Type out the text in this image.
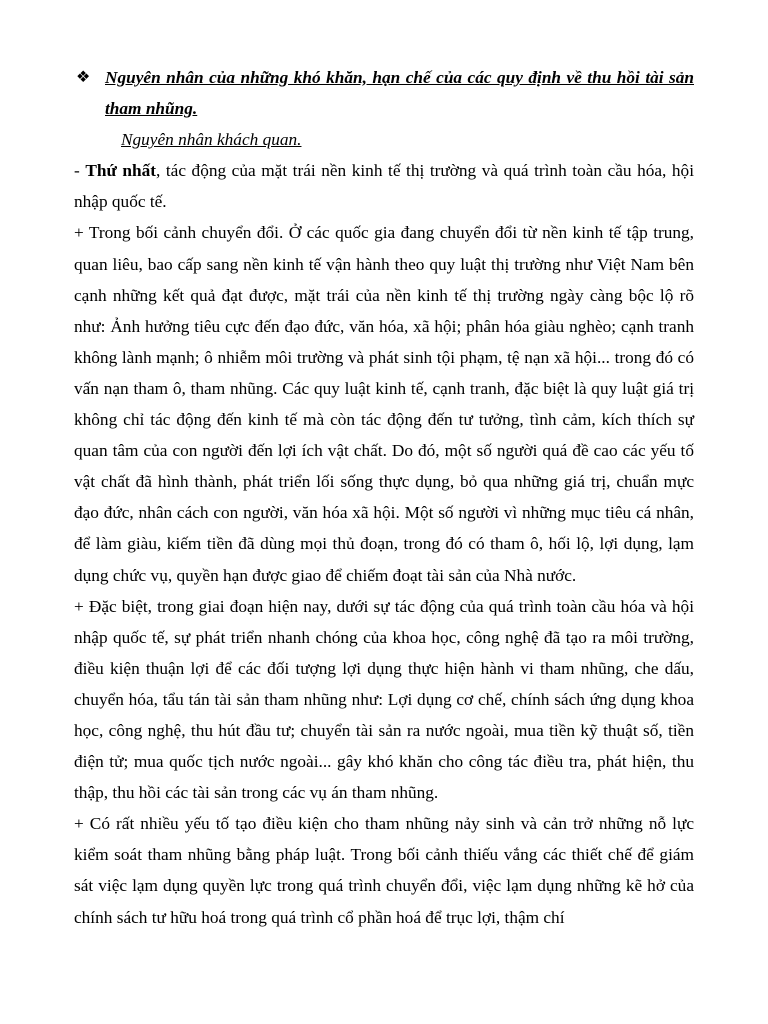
❖ Nguyên nhân của những khó khăn, hạn chế của các quy định về thu hồi tài sản tham nhũng.
Nguyên nhân khách quan.

- Thứ nhất, tác động của mặt trái nền kinh tế thị trường và quá trình toàn cầu hóa, hội nhập quốc tế.

+ Trong bối cảnh chuyển đổi. Ở các quốc gia đang chuyển đổi từ nền kinh tế tập trung, quan liêu, bao cấp sang nền kinh tế vận hành theo quy luật thị trường như Việt Nam bên cạnh những kết quả đạt được, mặt trái của nền kinh tế thị trường ngày càng bộc lộ rõ như: Ảnh hưởng tiêu cực đến đạo đức, văn hóa, xã hội; phân hóa giàu nghèo; cạnh tranh không lành mạnh; ô nhiễm môi trường và phát sinh tội phạm, tệ nạn xã hội... trong đó có vấn nạn tham ô, tham nhũng. Các quy luật kinh tế, cạnh tranh, đặc biệt là quy luật giá trị không chỉ tác động đến kinh tế mà còn tác động đến tư tưởng, tình cảm, kích thích sự quan tâm của con người đến lợi ích vật chất. Do đó, một số người quá đề cao các yếu tố vật chất đã hình thành, phát triển lối sống thực dụng, bỏ qua những giá trị, chuẩn mực đạo đức, nhân cách con người, văn hóa xã hội. Một số người vì những mục tiêu cá nhân, để làm giàu, kiếm tiền đã dùng mọi thủ đoạn, trong đó có tham ô, hối lộ, lợi dụng, lạm dụng chức vụ, quyền hạn được giao để chiếm đoạt tài sản của Nhà nước.

+ Đặc biệt, trong giai đoạn hiện nay, dưới sự tác động của quá trình toàn cầu hóa và hội nhập quốc tế, sự phát triển nhanh chóng của khoa học, công nghệ đã tạo ra môi trường, điều kiện thuận lợi để các đối tượng lợi dụng thực hiện hành vi tham nhũng, che dấu, chuyển hóa, tẩu tán tài sản tham nhũng như: Lợi dụng cơ chế, chính sách ứng dụng khoa học, công nghệ, thu hút đầu tư; chuyển tài sản ra nước ngoài, mua tiền kỹ thuật số, tiền điện tử; mua quốc tịch nước ngoài... gây khó khăn cho công tác điều tra, phát hiện, thu thập, thu hồi các tài sản trong các vụ án tham nhũng.

+ Có rất nhiều yếu tố tạo điều kiện cho tham nhũng nảy sinh và cản trở những nỗ lực kiểm soát tham nhũng bằng pháp luật. Trong bối cảnh thiếu vắng các thiết chế để giám sát việc lạm dụng quyền lực trong quá trình chuyển đổi, việc lạm dụng những kẽ hở của chính sách tư hữu hoá trong quá trình cổ phần hoá để trục lợi, thậm chí
